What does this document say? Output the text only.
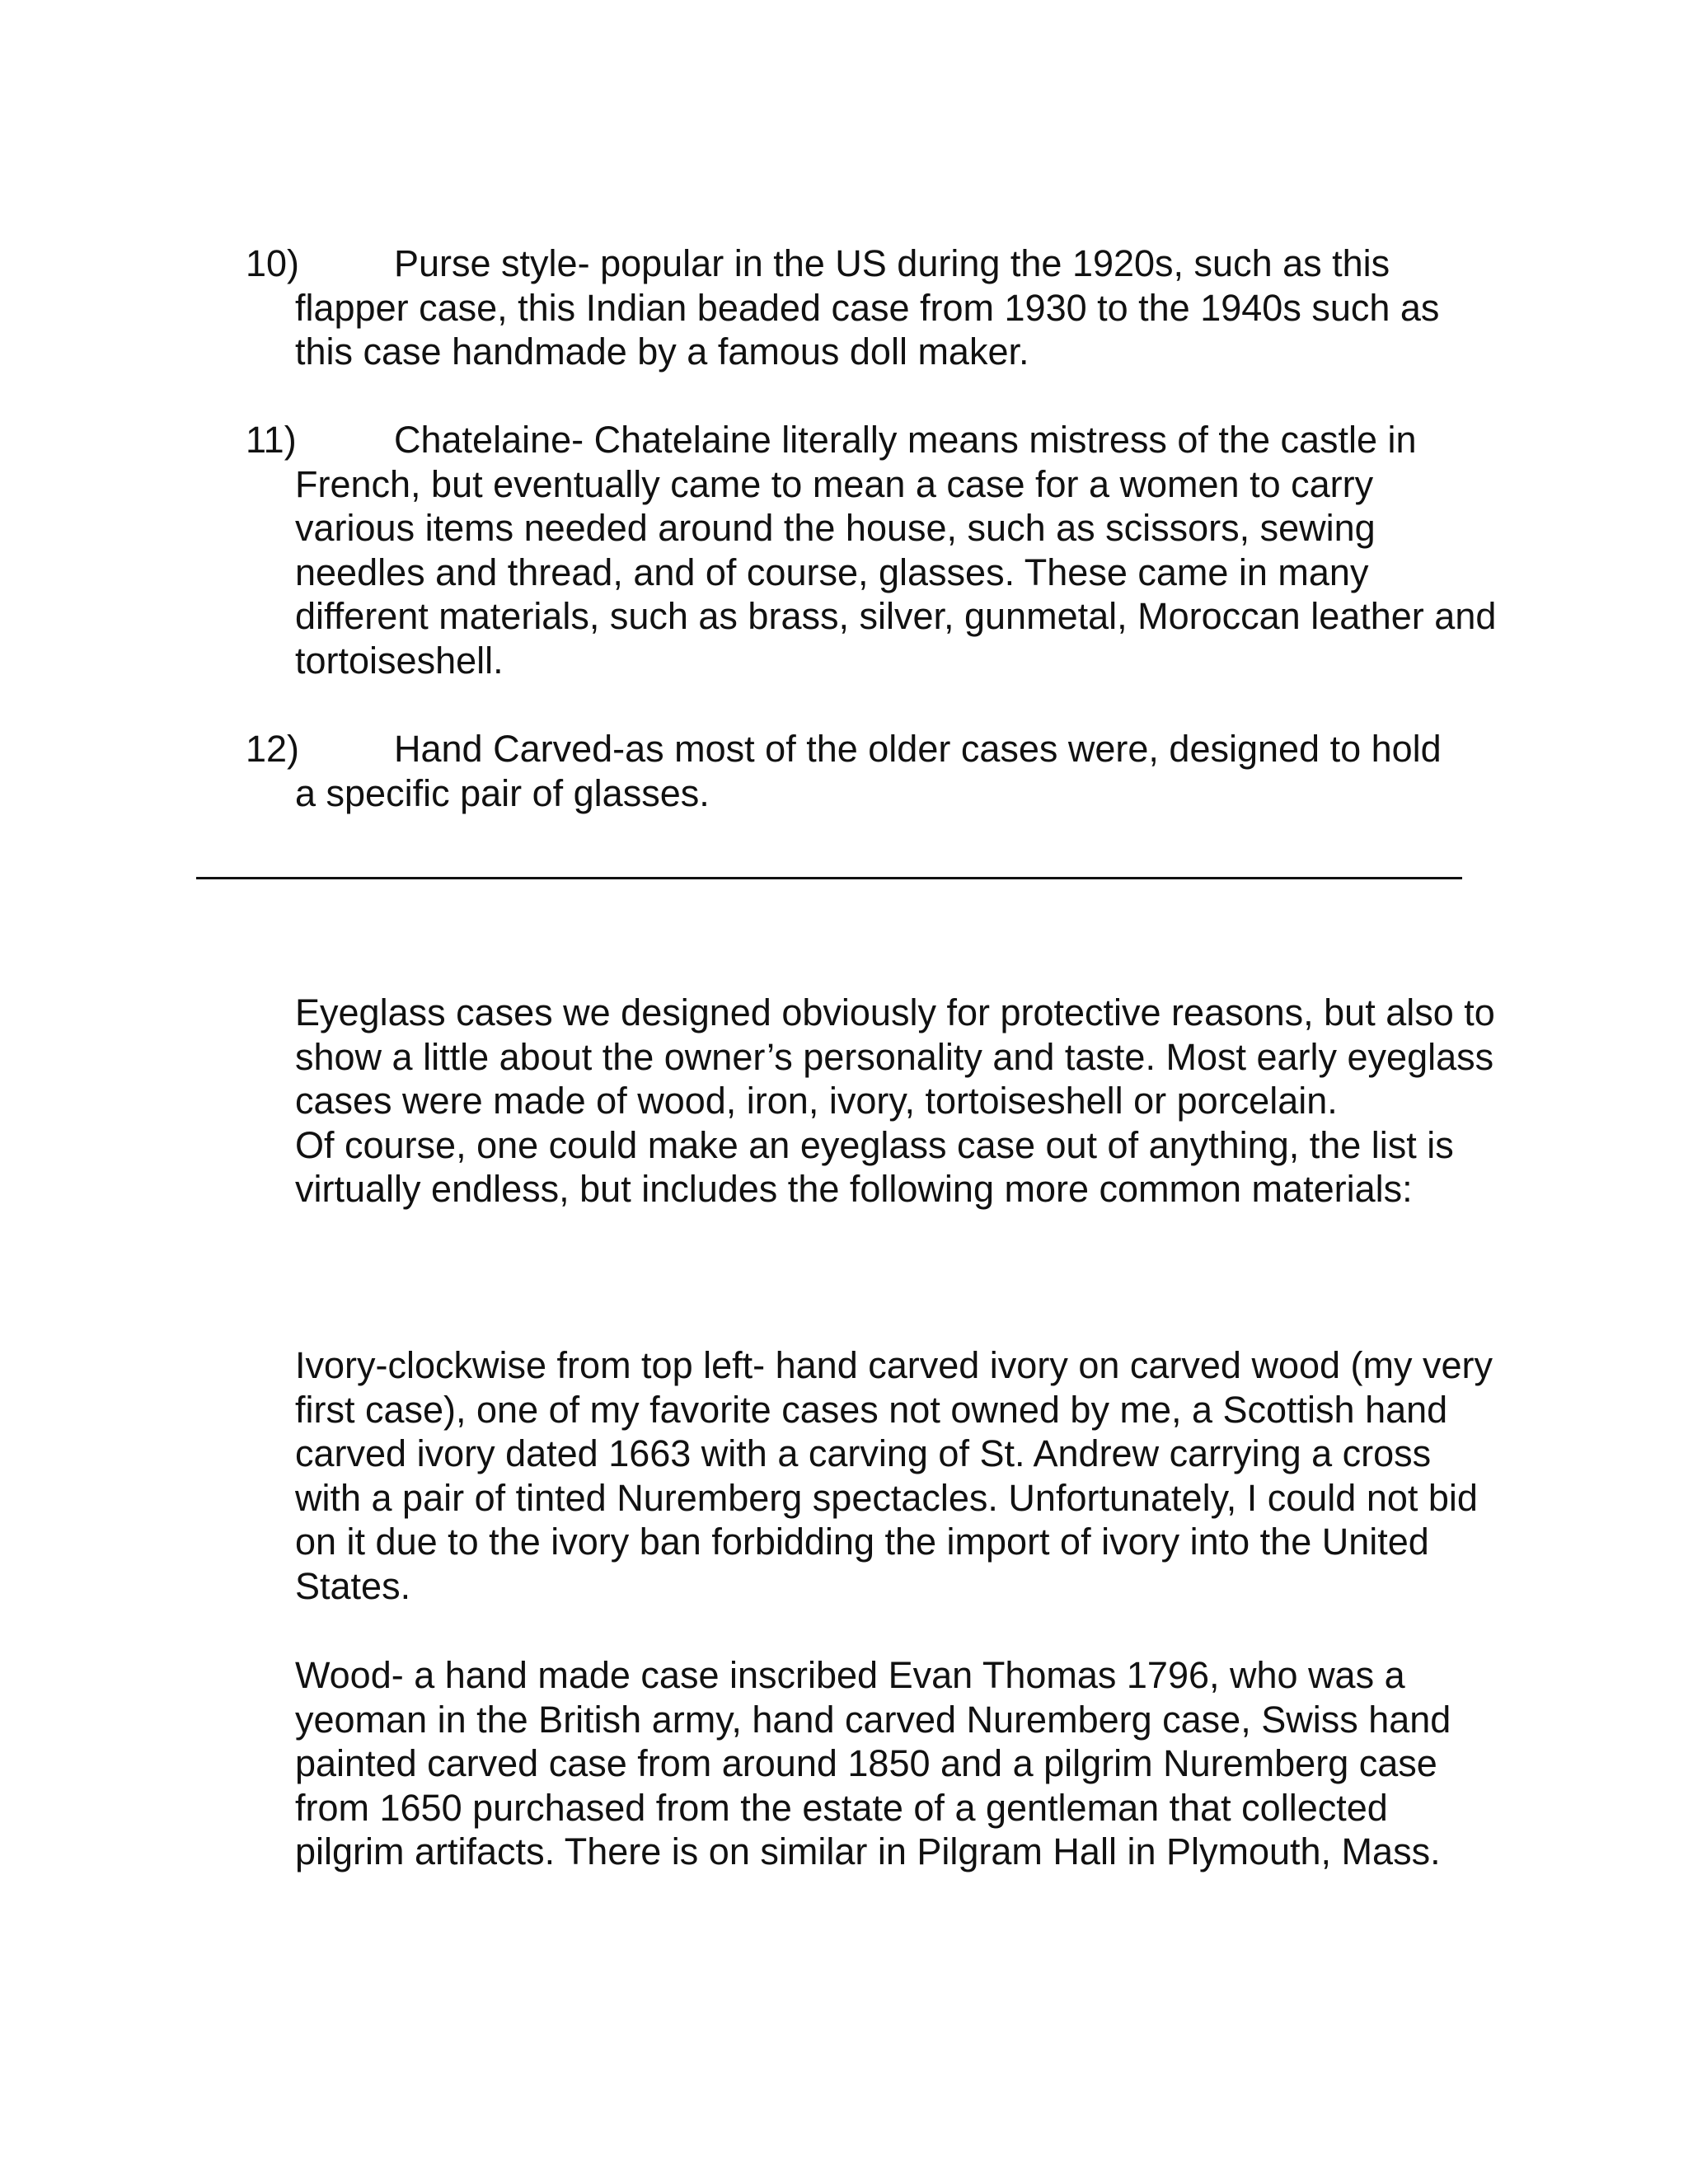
10)	Purse style- popular in the US during the 1920s, such as this
flapper case, this Indian beaded case from 1930 to the 1940s such as this case handmade by a famous doll maker.
11)	Chatelaine- Chatelaine literally means mistress of the castle in
French, but eventually came to mean a case for a women to carry various items needed around the house, such as scissors, sewing needles and thread, and of course, glasses. These came in many different materials, such as brass, silver, gunmetal, Moroccan leather and tortoiseshell.
12)	Hand Carved-as most of the older cases were, designed to hold
a specific pair of glasses.

Eyeglass cases we designed obviously for protective reasons, but also to show a little about the owner’s personality and taste. Most early eyeglass cases were made of wood, iron, ivory, tortoiseshell or porcelain.
Of course, one could make an eyeglass case out of anything, the list is virtually endless, but includes the following more common materials:

Ivory-clockwise from top left- hand carved ivory on carved wood (my very first case), one of my favorite cases not owned by me, a Scottish hand carved ivory dated 1663 with a carving of St. Andrew carrying a cross with a pair of tinted Nuremberg spectacles. Unfortunately, I could not bid on it due to the ivory ban forbidding the import of ivory into the United States.

Wood- a hand made case inscribed Evan Thomas 1796, who was a yeoman in the British army, hand carved Nuremberg case, Swiss hand painted carved case from around 1850 and a pilgrim Nuremberg case from 1650 purchased from the estate of a gentleman that collected pilgrim artifacts. There is on similar in Pilgram Hall in Plymouth, Mass.
